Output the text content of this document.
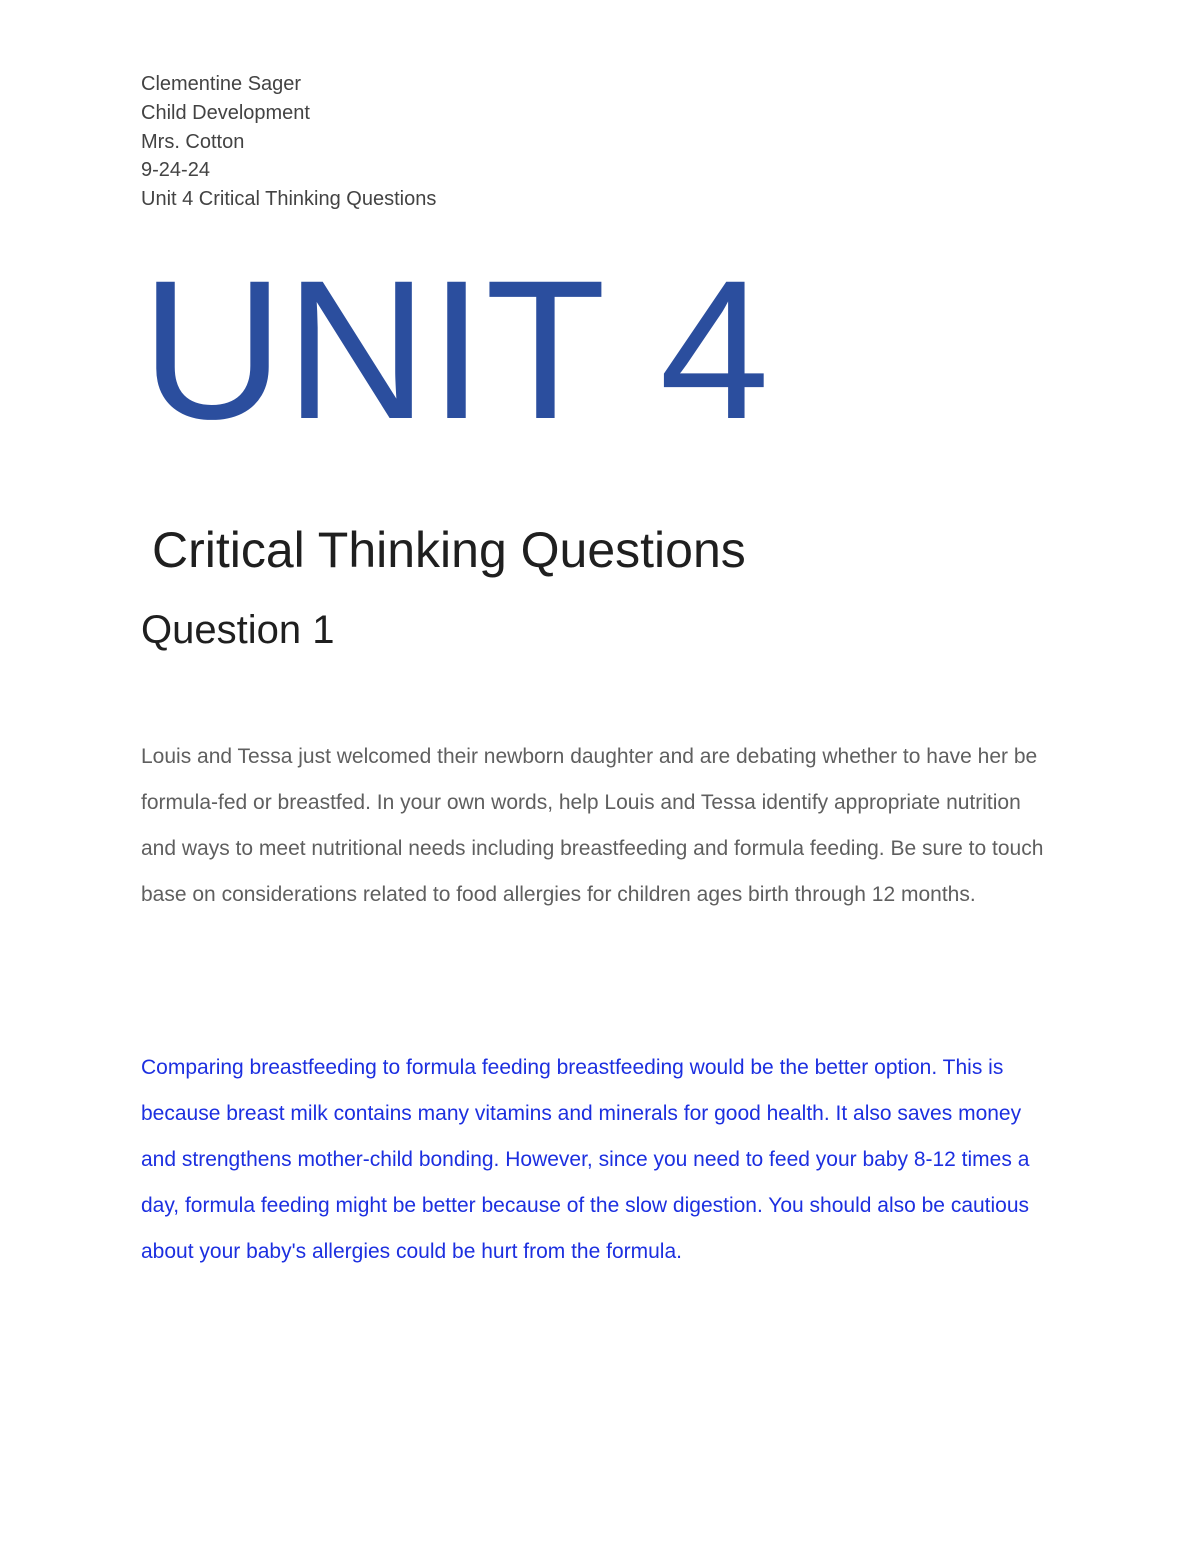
Clementine Sager
Child Development
Mrs. Cotton
9-24-24
Unit 4 Critical Thinking Questions
UNIT 4
Critical Thinking Questions
Question 1

Louis and Tessa just welcomed their newborn daughter and are debating whether to have her be formula-fed or breastfed. In your own words, help Louis and Tessa identify appropriate nutrition and ways to meet nutritional needs including breastfeeding and formula feeding. Be sure to touch base on considerations related to food allergies for children ages birth through 12 months.

Comparing breastfeeding to formula feeding breastfeeding would be the better option. This is because breast milk contains many vitamins and minerals for good health. It also saves money and strengthens mother-child bonding. However, since you need to feed your baby 8-12 times a day, formula feeding might be better because of the slow digestion. You should also be cautious about your baby's allergies could be hurt from the formula.
